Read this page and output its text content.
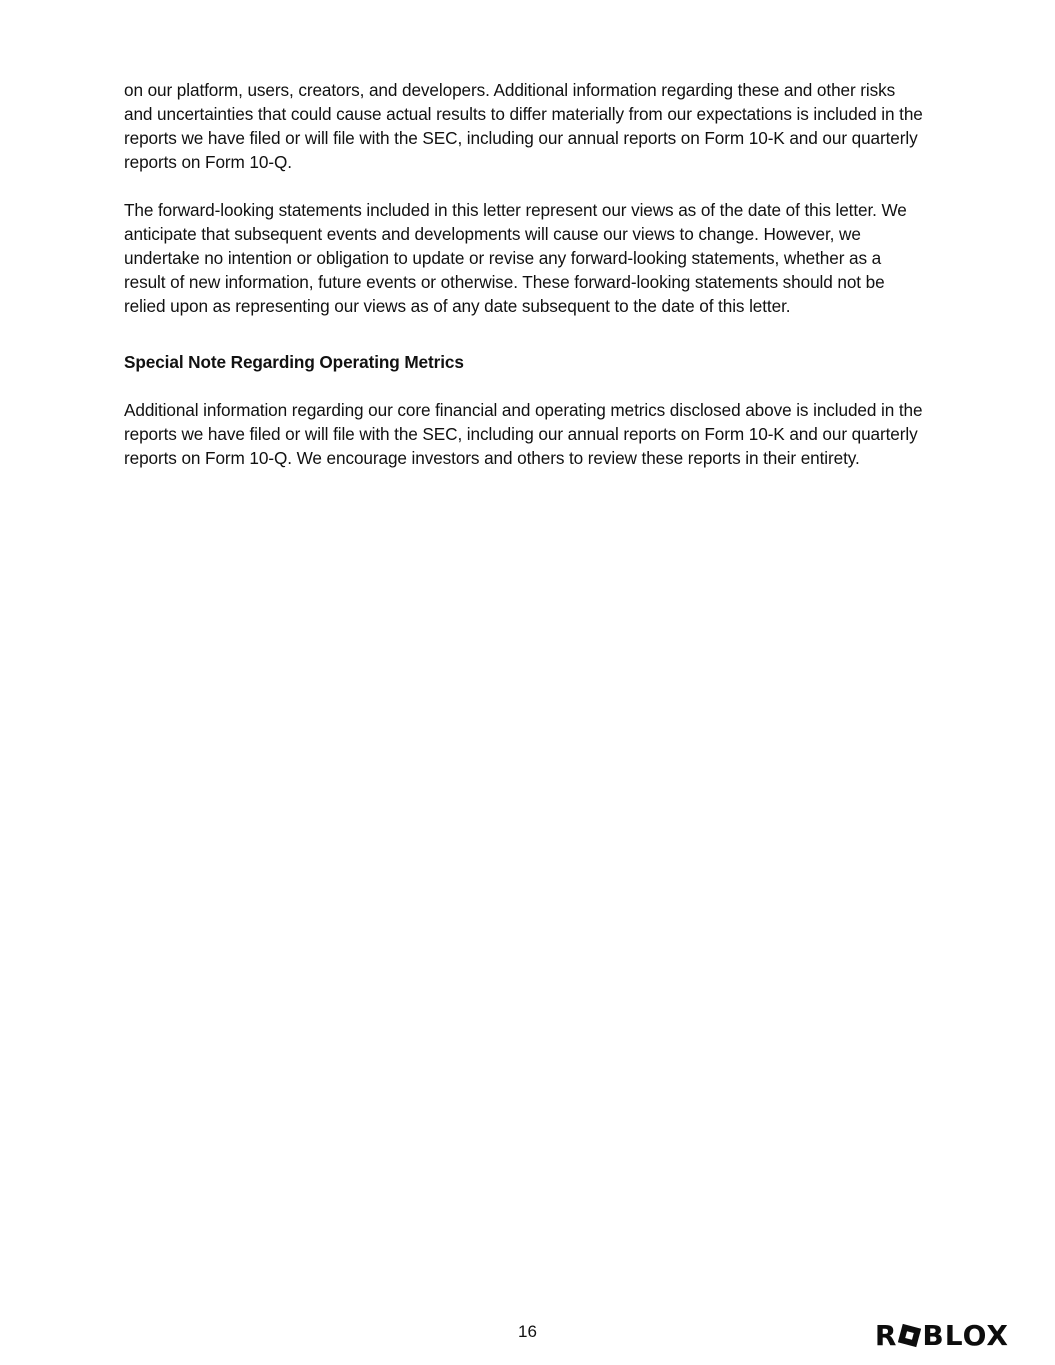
on our platform, users, creators, and developers. Additional information regarding these and other risks and uncertainties that could cause actual results to differ materially from our expectations is included in the reports we have filed or will file with the SEC, including our annual reports on Form 10-K and our quarterly reports on Form 10-Q.

The forward-looking statements included in this letter represent our views as of the date of this letter. We anticipate that subsequent events and developments will cause our views to change. However, we undertake no intention or obligation to update or revise any forward-looking statements, whether as a result of new information, future events or otherwise. These forward-looking statements should not be relied upon as representing our views as of any date subsequent to the date of this letter.

Special Note Regarding Operating Metrics

Additional information regarding our core financial and operating metrics disclosed above is included in the reports we have filed or will file with the SEC, including our annual reports on Form 10-K and our quarterly reports on Form 10-Q. We encourage investors and others to review these reports in their entirety.

16	R BLOX
